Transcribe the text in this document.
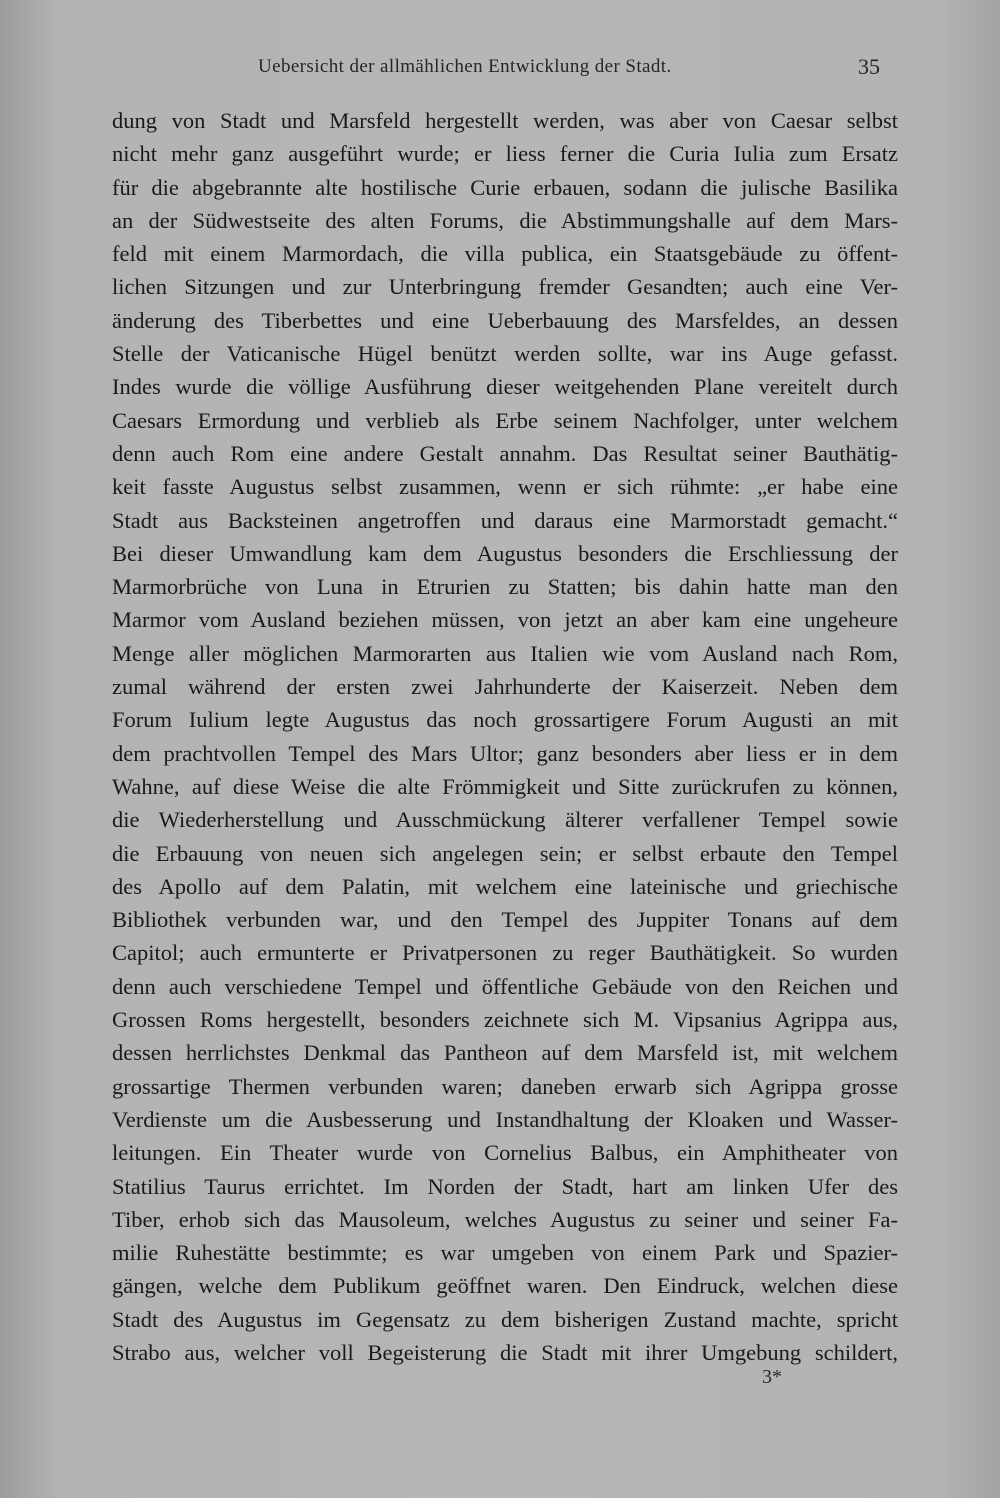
Uebersicht der allmählichen Entwicklung der Stadt.	35
dung von Stadt und Marsfeld hergestellt werden, was aber von Caesar selbst
nicht mehr ganz ausgeführt wurde; er liess ferner die Curia Iulia zum Ersatz
für die abgebrannte alte hostilische Curie erbauen, sodann die julische Basilika
an der Südwestseite des alten Forums, die Abstimmungshalle auf dem Mars-
feld mit einem Marmordach, die villa publica, ein Staatsgebäude zu öffent-
lichen Sitzungen und zur Unterbringung fremder Gesandten; auch eine Ver-
änderung des Tiberbettes und eine Ueberbauung des Marsfeldes, an dessen
Stelle der Vaticanische Hügel benützt werden sollte, war ins Auge gefasst.
Indes wurde die völlige Ausführung dieser weitgehenden Plane vereitelt durch
Caesars Ermordung und verblieb als Erbe seinem Nachfolger, unter welchem
denn auch Rom eine andere Gestalt annahm. Das Resultat seiner Bauthätig-
keit fasste Augustus selbst zusammen, wenn er sich rühmte: „er habe eine
Stadt aus Backsteinen angetroffen und daraus eine Marmorstadt gemacht.“
Bei dieser Umwandlung kam dem Augustus besonders die Erschliessung der
Marmorbrüche von Luna in Etrurien zu Statten; bis dahin hatte man den
Marmor vom Ausland beziehen müssen, von jetzt an aber kam eine ungeheure
Menge aller möglichen Marmorarten aus Italien wie vom Ausland nach Rom,
zumal während der ersten zwei Jahrhunderte der Kaiserzeit. Neben dem
Forum Iulium legte Augustus das noch grossartigere Forum Augusti an mit
dem prachtvollen Tempel des Mars Ultor; ganz besonders aber liess er in dem
Wahne, auf diese Weise die alte Frömmigkeit und Sitte zurückrufen zu können,
die Wiederherstellung und Ausschmückung älterer verfallener Tempel sowie
die Erbauung von neuen sich angelegen sein; er selbst erbaute den Tempel
des Apollo auf dem Palatin, mit welchem eine lateinische und griechische
Bibliothek verbunden war, und den Tempel des Juppiter Tonans auf dem
Capitol; auch ermunterte er Privatpersonen zu reger Bauthätigkeit. So wurden
denn auch verschiedene Tempel und öffentliche Gebäude von den Reichen und
Grossen Roms hergestellt, besonders zeichnete sich M. Vipsanius Agrippa aus,
dessen herrlichstes Denkmal das Pantheon auf dem Marsfeld ist, mit welchem
grossartige Thermen verbunden waren; daneben erwarb sich Agrippa grosse
Verdienste um die Ausbesserung und Instandhaltung der Kloaken und Wasser-
leitungen. Ein Theater wurde von Cornelius Balbus, ein Amphitheater von
Statilius Taurus errichtet. Im Norden der Stadt, hart am linken Ufer des
Tiber, erhob sich das Mausoleum, welches Augustus zu seiner und seiner Fa-
milie Ruhestätte bestimmte; es war umgeben von einem Park und Spazier-
gängen, welche dem Publikum geöffnet waren. Den Eindruck, welchen diese
Stadt des Augustus im Gegensatz zu dem bisherigen Zustand machte, spricht
Strabo aus, welcher voll Begeisterung die Stadt mit ihrer Umgebung schildert,
3*
